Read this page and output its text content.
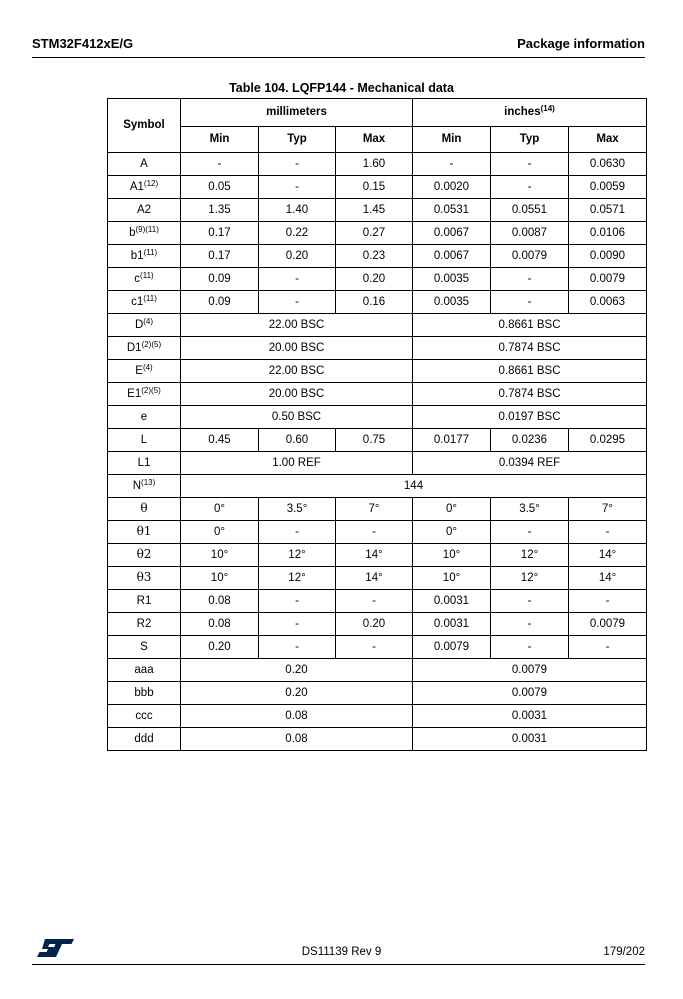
STM32F412xE/G	Package information
Table 104. LQFP144 - Mechanical data
Symbol	millimeters			inches$^{(14)}$
	Min	Typ	Max	Min	Typ	Max
A	-	-	1.60	-	-	0.0630
A1$^{(12)}$	0.05	-	0.15	0.0020	-	0.0059
A2	1.35	1.40	1.45	0.0531	0.0551	0.0571
$b^{(9)(11)}$	0.17	0.22	0.27	0.0067	0.0087	0.0106
b1$^{(11)}$	0.17	0.20	0.23	0.0067	0.0079	0.0090
$c^{(11)}$	0.09	-	0.20	0.0035	-	0.0079
c1$^{(11)}$	0.09	-	0.16	0.0035	-	0.0063
$D^{(4)}$	22.00 BSC			0.8661 BSC		
$D1^{(2)(5)}$	20.00 BSC			0.7874 BSC		
$E^{(4)}$	22.00 BSC			0.8661 BSC		
$E1^{(2)(5)}$	20.00 BSC			0.7874 BSC		
e	0.50 BSC			0.0197 BSC		
L	0.45	0.60	0.75	0.0177	0.0236	0.0295
L1	1.00 REF			0.0394 REF		
$N^{(13)}$	144					
θ	0°	3.5°	7°	0°	3.5°	7°
θ1	0°	-	-	0°	-	-
θ2	10°	12°	14°	10°	12°	14°
θ3	10°	12°	14°	10°	12°	14°
R1	0.08	-	-	0.0031	-	-
R2	0.08	-	0.20	0.0031	-	0.0079
S	0.20	-	-	0.0079	-	-
aaa	0.20			0.0079		
bbb	0.20			0.0079		
ccc	0.08			0.0031		
ddd	0.08			0.0031		
DS11139 Rev 9	179/202
